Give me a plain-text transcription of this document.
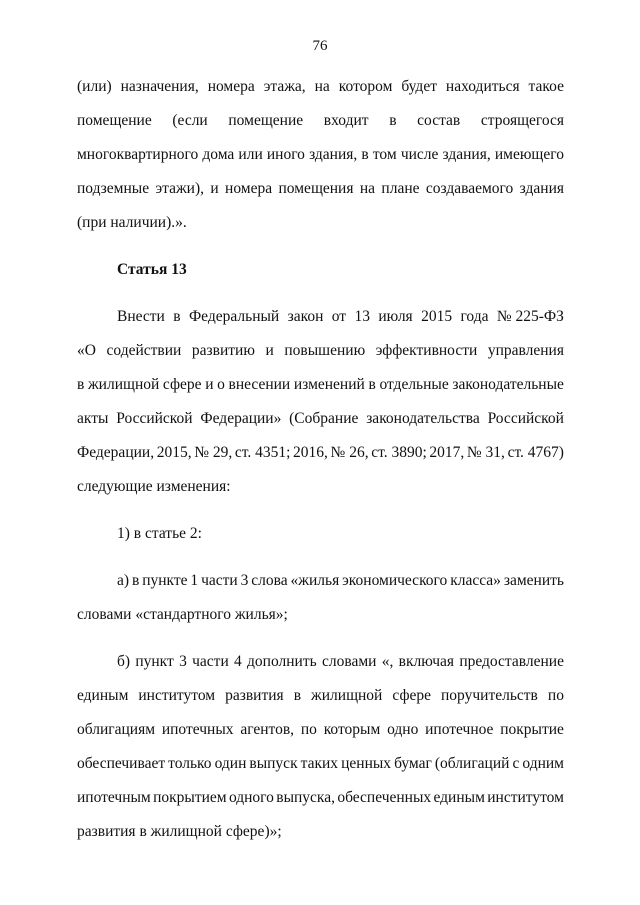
76
(или) назначения, номера этажа, на котором будет находиться такое
помещение (если помещение входит в состав строящегося
многоквартирного дома или иного здания, в том числе здания, имеющего
подземные этажи), и номера помещения на плане создаваемого здания
(при наличии).».
Статья 13
Внести в Федеральный закон от 13 июля 2015 года № 225-ФЗ
«О содействии развитию и повышению эффективности управления
в жилищной сфере и о внесении изменений в отдельные законодательные
акты Российской Федерации» (Собрание законодательства Российской
Федерации, 2015, № 29, ст. 4351; 2016, № 26, ст. 3890; 2017, № 31, ст. 4767)
следующие изменения:
1) в статье 2:
а) в пункте 1 части 3 слова «жилья экономического класса» заменить
словами «стандартного жилья»;
б) пункт 3 части 4 дополнить словами «, включая предоставление
единым институтом развития в жилищной сфере поручительств по
облигациям ипотечных агентов, по которым одно ипотечное покрытие
обеспечивает только один выпуск таких ценных бумаг (облигаций с одним
ипотечным покрытием одного выпуска, обеспеченных единым институтом
развития в жилищной сфере)»;
